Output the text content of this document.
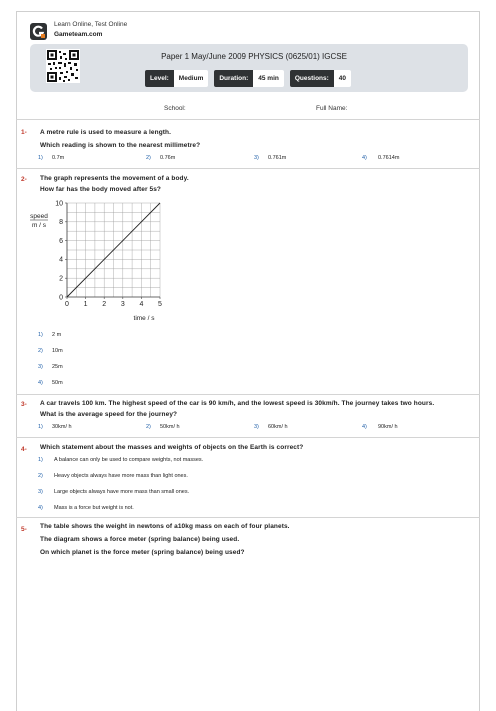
Learn Online, Test Online
Gameteam.com
Paper 1 May/June 2009 PHYSICS (0625/01) IGCSE
Level:	Medium	Duration:	45 min	Questions:	40
School:	Full Name:
1- A metre rule is used to measure a length.
Which reading is shown to the nearest millimetre?
1) 0.7m	2) 0.76m	3) 0.761m	4) 0.7614m
2- The graph represents the movement of a body.
How far has the body moved after 5s?
0 1 2 3 4 5
0
2
4
6
8
10
speed
m / s
time / s
1) 2 m
2) 10m
3) 25m
4) 50m
3- A car travels 100 km. The highest speed of the car is 90 km/h, and the lowest speed is 30km/h. The journey takes two hours.
What is the average speed for the journey?
1) 30km/ h	2) 50km/ h	3) 60km/ h	4) 90km/ h
4- Which statement about the masses and weights of objects on the Earth is correct?
1) A balance can only be used to compare weights, not masses.
2) Heavy objects always have more mass than light ones.
3) Large objects always have more mass than small ones.
4) Mass is a force but weight is not.
5- The table shows the weight in newtons of a10kg mass on each of four planets.
The diagram shows a force meter (spring balance) being used.
On which planet is the force meter (spring balance) being used?
